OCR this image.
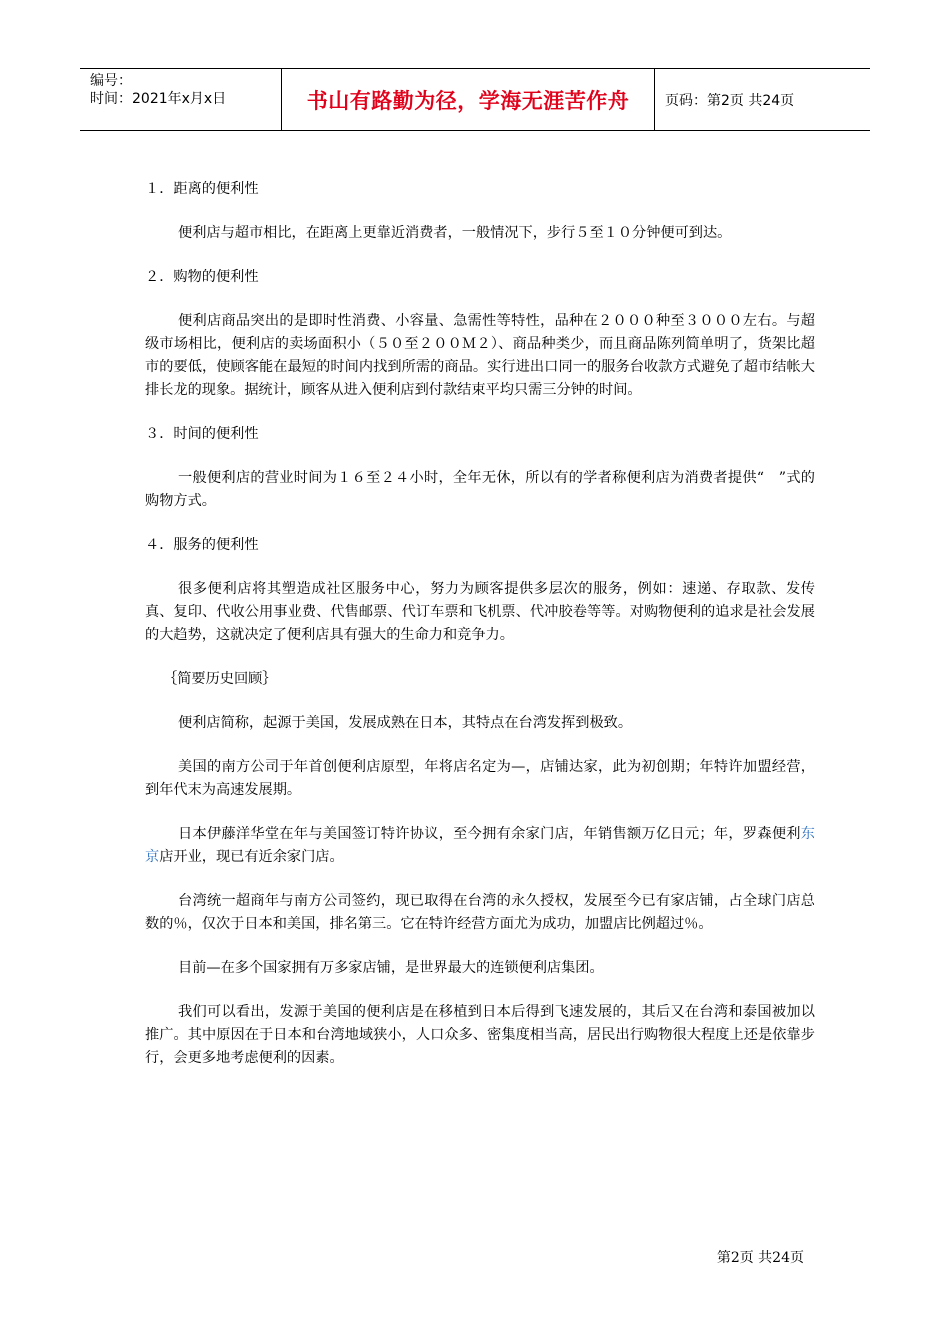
编号：
时间：2021年x月x日	书山有路勤为径，学海无涯苦作舟	页码：第2页 共24页

１．距离的便利性

便利店与超市相比，在距离上更靠近消费者，一般情况下，步行５至１０分钟便可到达。

２．购物的便利性

便利店商品突出的是即时性消费、小容量、急需性等特性，品种在２０００种至３０００左右。与超级市场相比，便利店的卖场面积小（５０至２００Ｍ２）、商品种类少，而且商品陈列简单明了，货架比超市的要低，使顾客能在最短的时间内找到所需的商品。实行进出口同一的服务台收款方式避免了超市结帐大排长龙的现象。据统计，顾客从进入便利店到付款结束平均只需三分钟的时间。

３．时间的便利性

一般便利店的营业时间为１６至２４小时，全年无休，所以有的学者称便利店为消费者提供“　”式的购物方式。

４．服务的便利性

很多便利店将其塑造成社区服务中心，努力为顾客提供多层次的服务，例如：速递、存取款、发传真、复印、代收公用事业费、代售邮票、代订车票和飞机票、代冲胶卷等等。对购物便利的追求是社会发展的大趋势，这就决定了便利店具有强大的生命力和竞争力。

｛简要历史回顾｝

便利店简称，起源于美国，发展成熟在日本，其特点在台湾发挥到极致。

美国的南方公司于年首创便利店原型，年将店名定为—，店铺达家，此为初创期；年特许加盟经营，到年代末为高速发展期。

日本伊藤洋华堂在年与美国签订特许协议，至今拥有余家门店，年销售额万亿日元；年，罗森便利东京店开业，现已有近余家门店。

台湾统一超商年与南方公司签约，现已取得在台湾的永久授权，发展至今已有家店铺，占全球门店总数的％，仅次于日本和美国，排名第三。它在特许经营方面尤为成功，加盟店比例超过％。

目前—在多个国家拥有万多家店铺，是世界最大的连锁便利店集团。

我们可以看出，发源于美国的便利店是在移植到日本后得到飞速发展的，其后又在台湾和泰国被加以推广。其中原因在于日本和台湾地域狭小，人口众多、密集度相当高，居民出行购物很大程度上还是依靠步行，会更多地考虑便利的因素。

第2页 共24页
